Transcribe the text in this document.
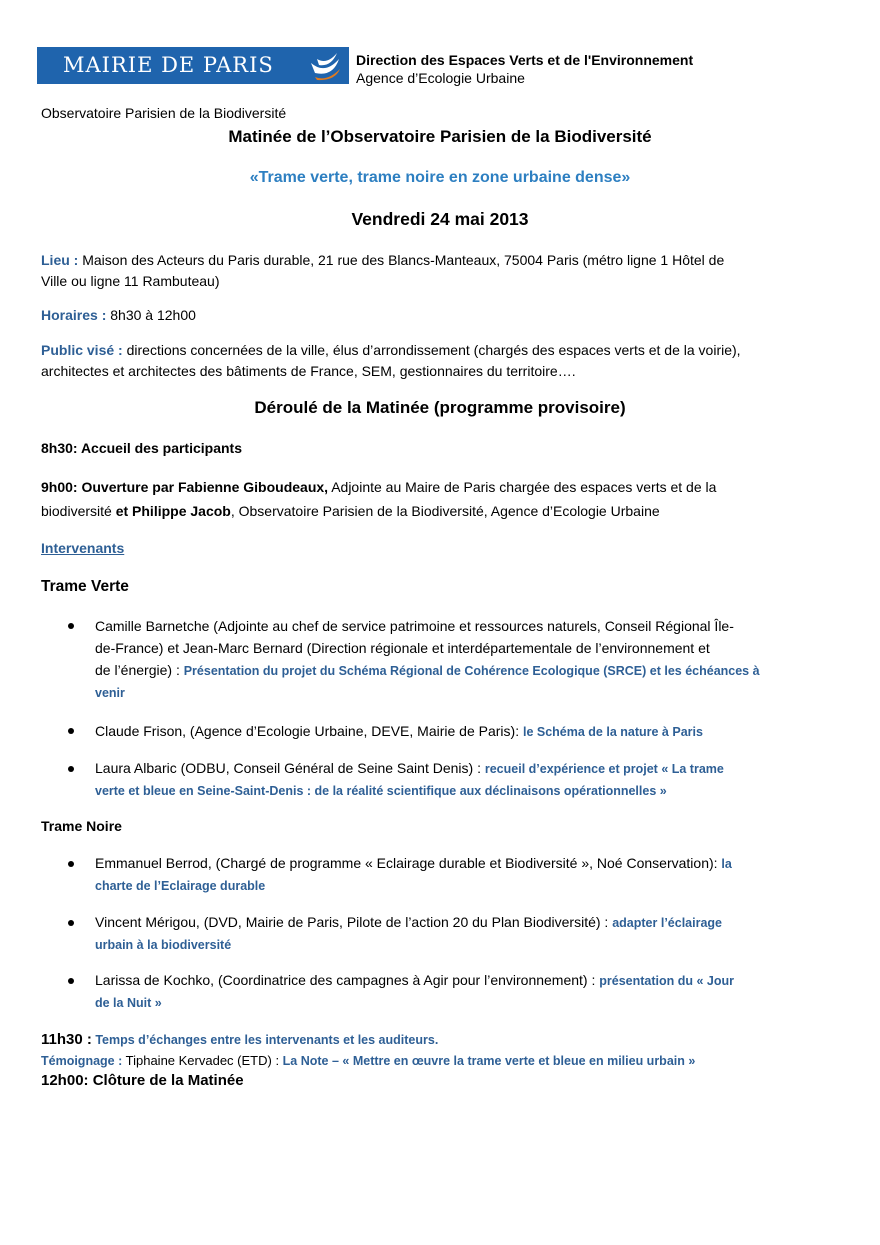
MAIRIE DE PARIS	Direction des Espaces Verts et de l'Environnement
Agence d’Ecologie Urbaine
Observatoire Parisien de la Biodiversité
Matinée de l’Observatoire Parisien de la Biodiversité
«Trame verte, trame noire en zone urbaine dense»
Vendredi 24 mai 2013

Lieu : Maison des Acteurs du Paris durable, 21 rue des Blancs-Manteaux, 75004 Paris (métro ligne 1 Hôtel de

Ville ou ligne 11 Rambuteau)

Horaires : 8h30 à 12h00

Public visé : directions concernées de la ville, élus d’arrondissement (chargés des espaces verts et de la voirie),

architectes et architectes des bâtiments de France, SEM, gestionnaires du territoire….

Déroulé de la Matinée (programme provisoire)

8h30: Accueil des participants

9h00: Ouverture par Fabienne Giboudeaux, Adjointe au Maire de Paris chargée des espaces verts et de la

biodiversité et Philippe Jacob, Observatoire Parisien de la Biodiversité, Agence d’Ecologie Urbaine

Intervenants

Trame Verte

Camille Barnetche (Adjointe au chef de service patrimoine et ressources naturels, Conseil Régional Île-
de-France) et Jean-Marc Bernard (Direction régionale et interdépartementale de l’environnement et
de l’énergie) : Présentation du projet du Schéma Régional de Cohérence Ecologique (SRCE) et les échéances à
venir
Claude Frison, (Agence d’Ecologie Urbaine, DEVE, Mairie de Paris): le Schéma de la nature à Paris
Laura Albaric (ODBU, Conseil Général de Seine Saint Denis) : recueil d’expérience et projet « La trame
verte et bleue en Seine-Saint-Denis : de la réalité scientifique aux déclinaisons opérationnelles »

Trame Noire

Emmanuel Berrod, (Chargé de programme « Eclairage durable et Biodiversité », Noé Conservation): la
charte de l’Eclairage durable
Vincent Mérigou, (DVD, Mairie de Paris, Pilote de l’action 20 du Plan Biodiversité) : adapter l’éclairage
urbain à la biodiversité
Larissa de Kochko, (Coordinatrice des campagnes à Agir pour l’environnement) : présentation du « Jour
de la Nuit »

11h30 : Temps d’échanges entre les intervenants et les auditeurs.

Témoignage : Tiphaine Kervadec (ETD) : La Note – « Mettre en œuvre la trame verte et bleue en milieu urbain »

12h00: Clôture de la Matinée
